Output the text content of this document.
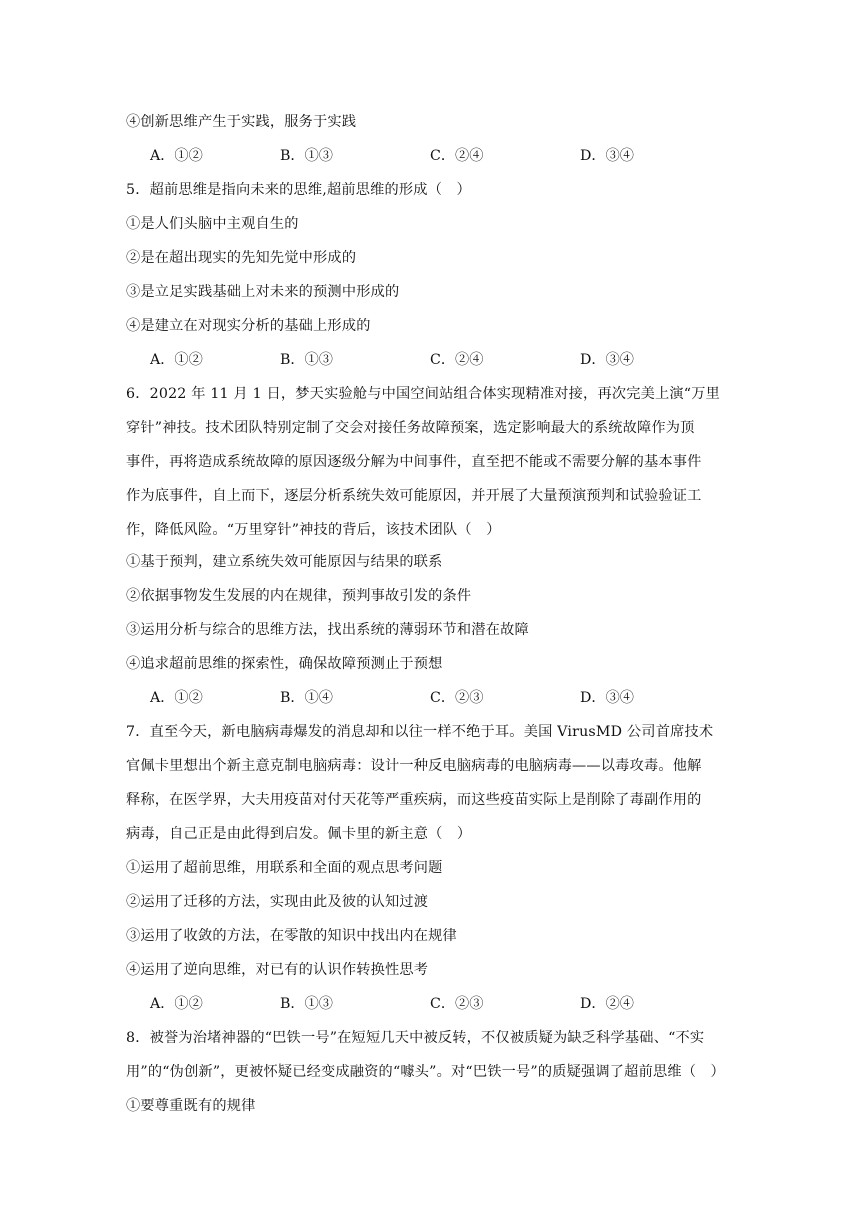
④创新思维产生于实践，服务于实践
A．①②	B．①③	C．②④	D．③④
5．超前思维是指向未来的思维,超前思维的形成（　）
①是人们头脑中主观自生的
②是在超出现实的先知先觉中形成的
③是立足实践基础上对未来的预测中形成的
④是建立在对现实分析的基础上形成的
A．①②	B．①③	C．②④	D．③④
6．2022 年 11 月 1 日，梦天实验舱与中国空间站组合体实现精准对接，再次完美上演“万里
穿针”神技。技术团队特别定制了交会对接任务故障预案，选定影响最大的系统故障作为顶
事件，再将造成系统故障的原因逐级分解为中间事件，直至把不能或不需要分解的基本事件
作为底事件，自上而下，逐层分析系统失效可能原因，并开展了大量预演预判和试验验证工
作，降低风险。“万里穿针”神技的背后，该技术团队（　）
①基于预判，建立系统失效可能原因与结果的联系
②依据事物发生发展的内在规律，预判事故引发的条件
③运用分析与综合的思维方法，找出系统的薄弱环节和潜在故障
④追求超前思维的探索性，确保故障预测止于预想
A．①②	B．①④	C．②③	D．③④
7．直至今天，新电脑病毒爆发的消息却和以往一样不绝于耳。美国 VirusMD 公司首席技术
官佩卡里想出个新主意克制电脑病毒：设计一种反电脑病毒的电脑病毒——以毒攻毒。他解
释称，在医学界，大夫用疫苗对付天花等严重疾病，而这些疫苗实际上是削除了毒副作用的
病毒，自己正是由此得到启发。佩卡里的新主意（　）
①运用了超前思维，用联系和全面的观点思考问题
②运用了迁移的方法，实现由此及彼的认知过渡
③运用了收敛的方法，在零散的知识中找出内在规律
④运用了逆向思维，对已有的认识作转换性思考
A．①②	B．①③	C．②③	D．②④
8．被誉为治堵神器的“巴铁一号”在短短几天中被反转，不仅被质疑为缺乏科学基础、“不实
用”的“伪创新”，更被怀疑已经变成融资的“噱头”。对“巴铁一号”的质疑强调了超前思维（　）
①要尊重既有的规律
